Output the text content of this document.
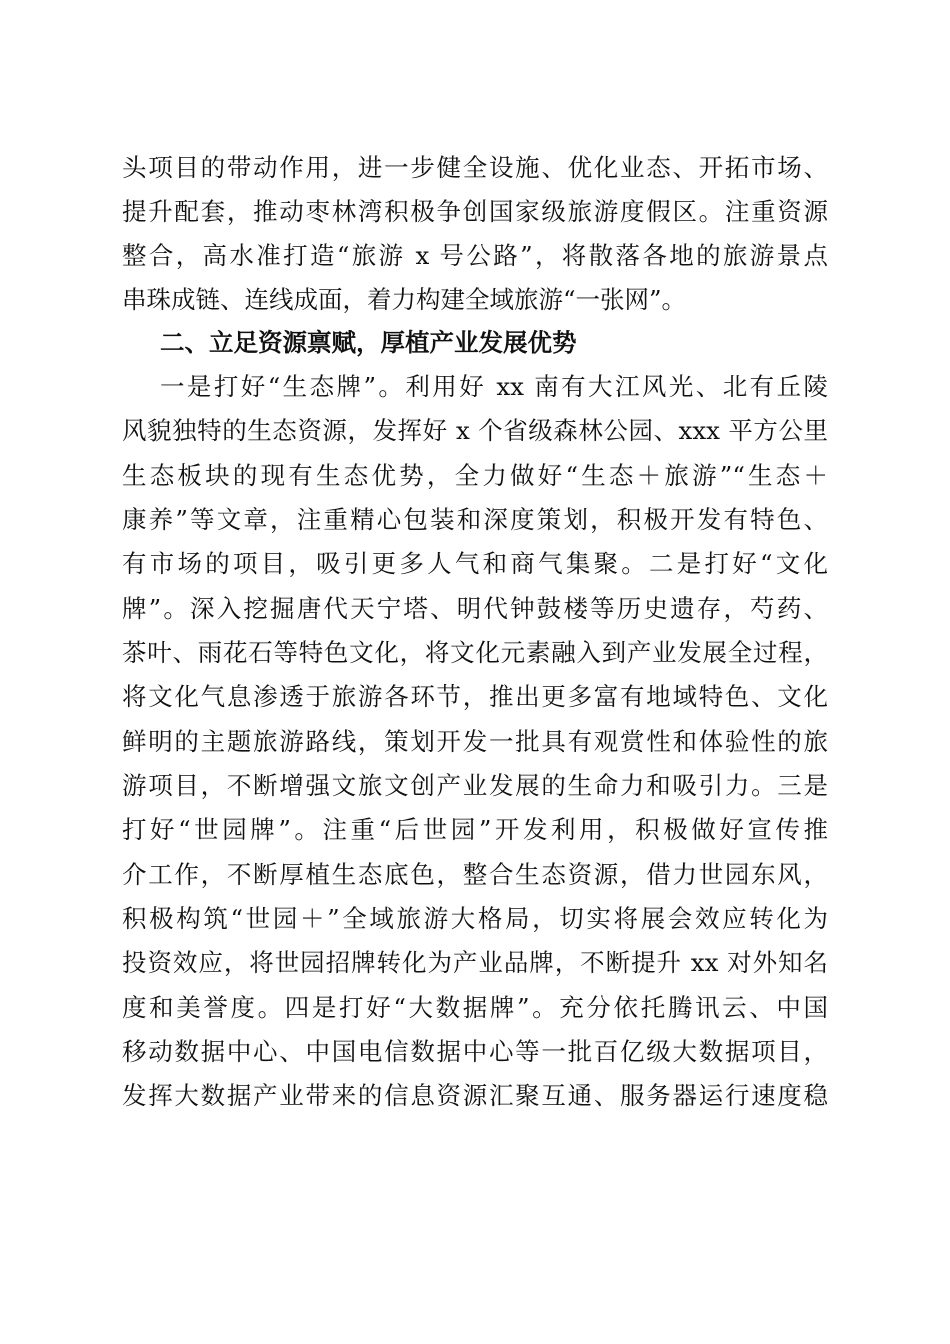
头项目的带动作用，进一步健全设施、优化业态、开拓市场、
提升配套，推动枣林湾积极争创国家级旅游度假区。注重资源
整合，高水准打造“旅游 x 号公路”，将散落各地的旅游景点
串珠成链、连线成面，着力构建全域旅游“一张网”。
二、立足资源禀赋，厚植产业发展优势
一是打好“生态牌”。利用好 xx 南有大江风光、北有丘陵
风貌独特的生态资源，发挥好 x 个省级森林公园、xxx 平方公里
生态板块的现有生态优势，全力做好“生态＋旅游”“生态＋
康养”等文章，注重精心包装和深度策划，积极开发有特色、
有市场的项目，吸引更多人气和商气集聚。二是打好“文化
牌”。深入挖掘唐代天宁塔、明代钟鼓楼等历史遗存，芍药、
茶叶、雨花石等特色文化，将文化元素融入到产业发展全过程，
将文化气息渗透于旅游各环节，推出更多富有地域特色、文化
鲜明的主题旅游路线，策划开发一批具有观赏性和体验性的旅
游项目，不断增强文旅文创产业发展的生命力和吸引力。三是
打好“世园牌”。注重“后世园”开发利用，积极做好宣传推
介工作，不断厚植生态底色，整合生态资源，借力世园东风，
积极构筑“世园＋”全域旅游大格局，切实将展会效应转化为
投资效应，将世园招牌转化为产业品牌，不断提升 xx 对外知名
度和美誉度。四是打好“大数据牌”。充分依托腾讯云、中国
移动数据中心、中国电信数据中心等一批百亿级大数据项目，
发挥大数据产业带来的信息资源汇聚互通、服务器运行速度稳
